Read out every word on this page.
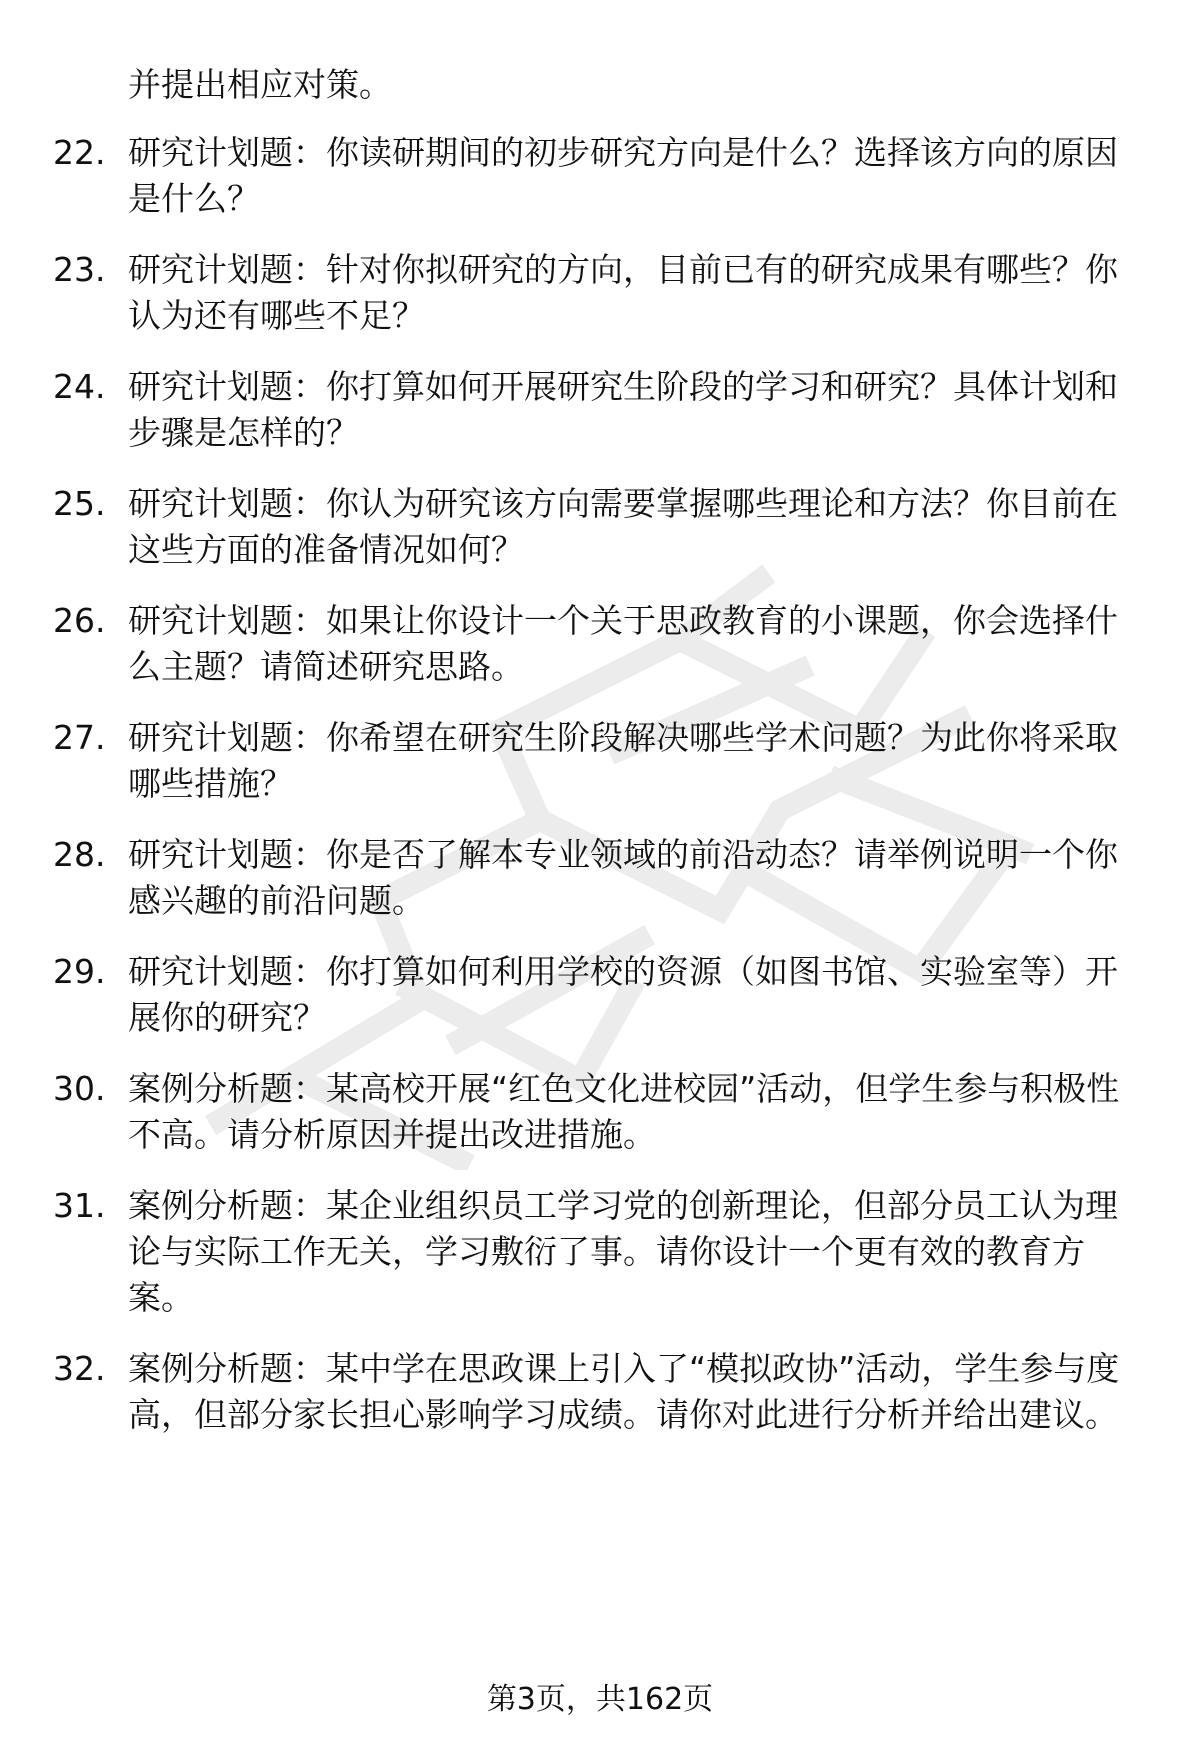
并提出相应对策。
22. 研究计划题：你读研期间的初步研究方向是什么？选择该方向的原因是什么？
23. 研究计划题：针对你拟研究的方向，目前已有的研究成果有哪些？你认为还有哪些不足？
24. 研究计划题：你打算如何开展研究生阶段的学习和研究？具体计划和步骤是怎样的？
25. 研究计划题：你认为研究该方向需要掌握哪些理论和方法？你目前在这些方面的准备情况如何？
26. 研究计划题：如果让你设计一个关于思政教育的小课题，你会选择什么主题？请简述研究思路。
27. 研究计划题：你希望在研究生阶段解决哪些学术问题？为此你将采取哪些措施？
28. 研究计划题：你是否了解本专业领域的前沿动态？请举例说明一个你感兴趣的前沿问题。
29. 研究计划题：你打算如何利用学校的资源（如图书馆、实验室等）开展你的研究？
30. 案例分析题：某高校开展“红色文化进校园”活动，但学生参与积极性不高。请分析原因并提出改进措施。
31. 案例分析题：某企业组织员工学习党的创新理论，但部分员工认为理论与实际工作无关，学习敷衍了事。请你设计一个更有效的教育方案。
32. 案例分析题：某中学在思政课上引入了“模拟政协”活动，学生参与度高，但部分家长担心影响学习成绩。请你对此进行分析并给出建议。
第3页，共162页
